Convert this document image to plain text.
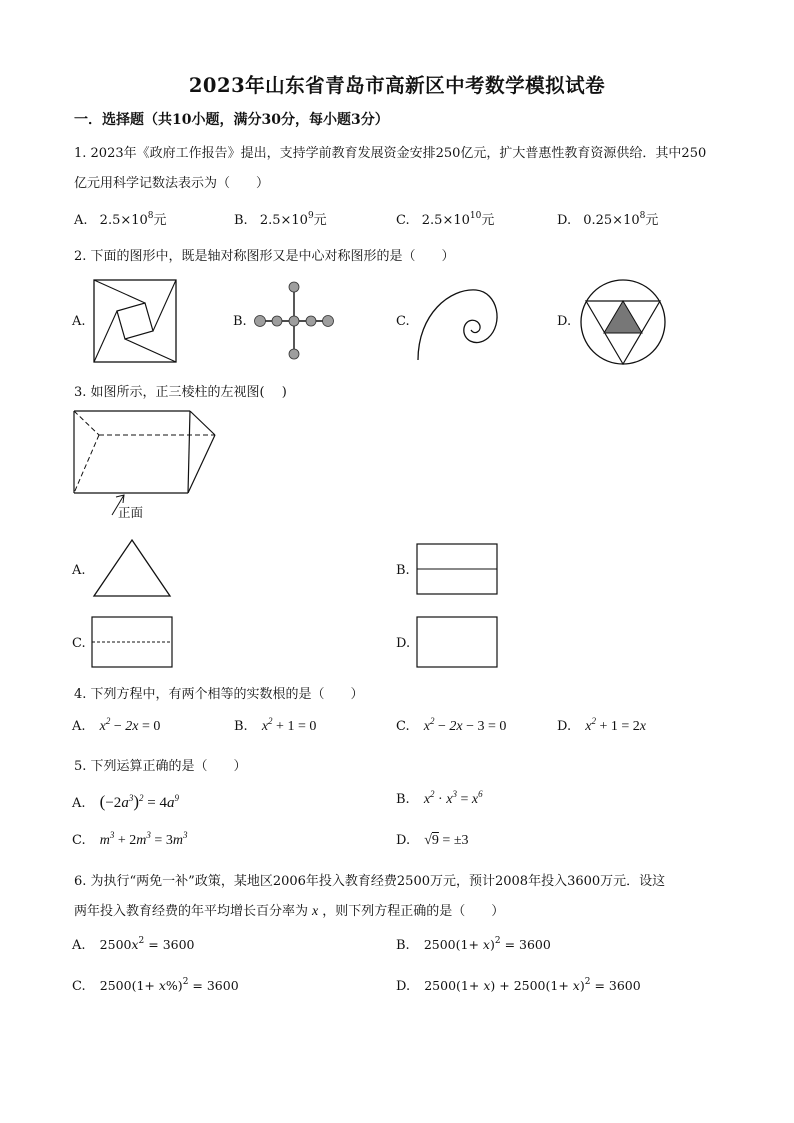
2023年山东省青岛市高新区中考数学模拟试卷
一．选择题（共10小题，满分30分，每小题3分）
1. 2023年《政府工作报告》提出，支持学前教育发展资金安排250亿元，扩大普惠性教育资源供给．其中250
亿元用科学记数法表示为（　　）
A. $2.5\times 10^8$元	B. $2.5\times 10^9$元	C. $2.5\times 10^{10}$元	D. $0.25\times 10^8$元
2. 下面的图形中，既是轴对称图形又是中心对称图形的是（　　）
A.	B.	C.	D.
3. 如图所示，正三棱柱的左视图(　 )
正面
A.	B.
C.	D.
4. 下列方程中，有两个相等的实数根的是（　　）
A. $x^2 - 2x = 0$	B. $x^2 + 1 = 0$	C. $x^2 - 2x - 3 = 0$	D. $x^2 + 1 = 2x$
5. 下列运算正确的是（　　）
A. $(-2a^3)^2 = 4a^9$	B. $x^2 \cdot x^3 = x^6$
C. $m^3 + 2m^3 = 3m^3$	D. √9 = ±3
6. 为执行“两免一补”政策，某地区2006年投入教育经费2500万元，预计2008年投入3600万元．设这
两年投入教育经费的年平均增长百分率为 x ，则下列方程正确的是（　　）
A. $2500x^2 = 3600$	B. $2500(1+ x)^2 = 3600$
C. $2500(1+ x\%)^2 = 3600$	D. $2500(1+ x) + 2500(1+ x)^2 = 3600$
